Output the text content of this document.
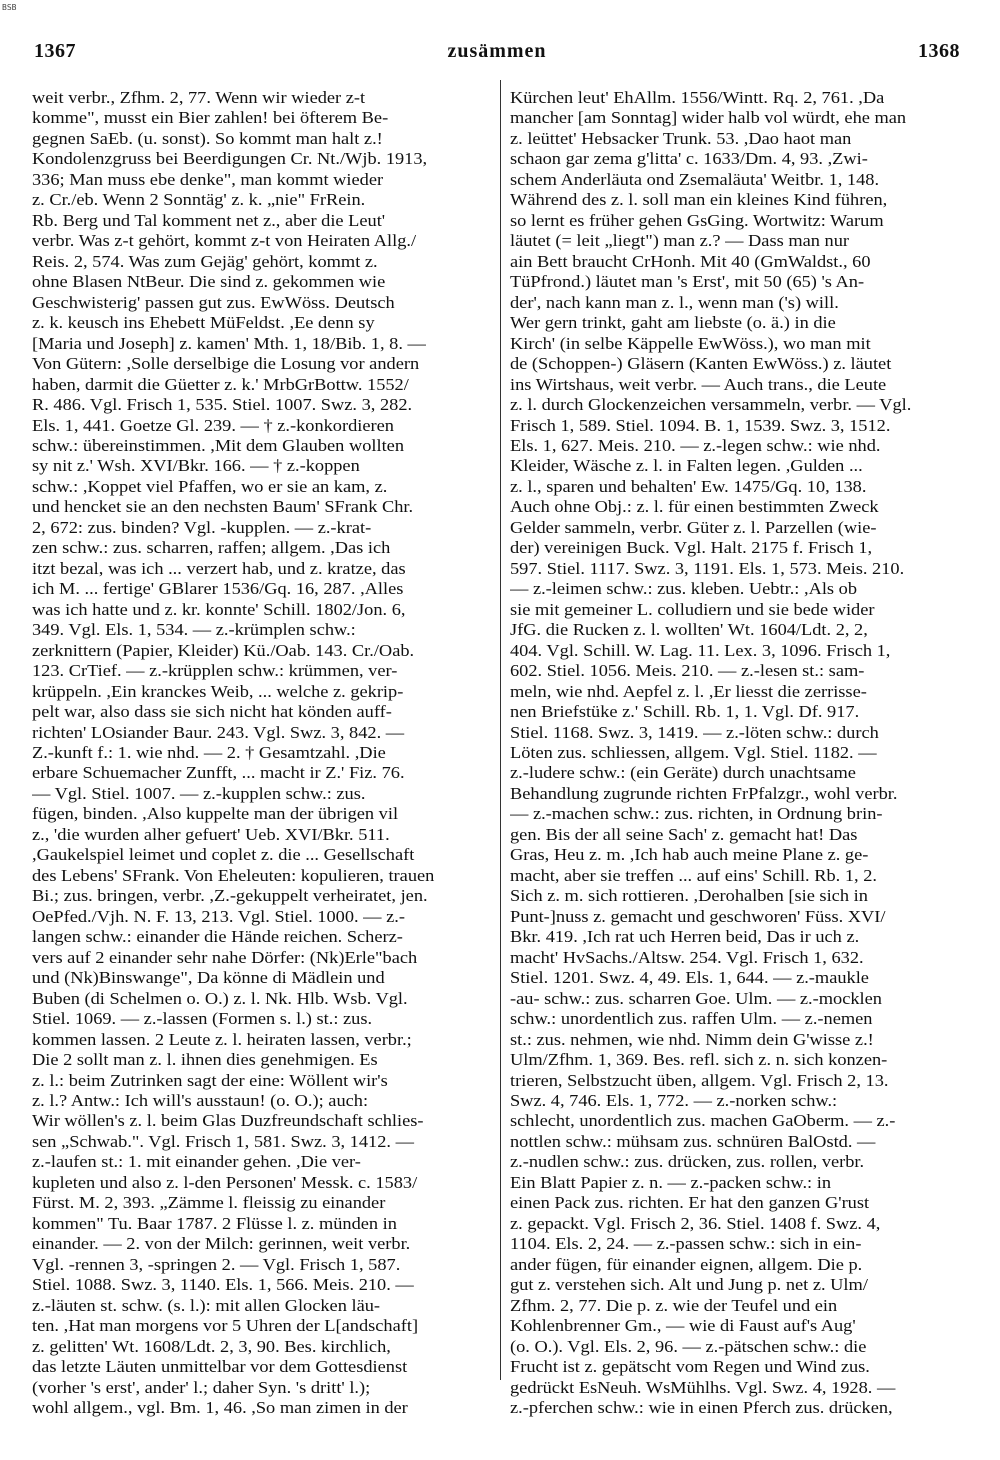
BSB
1367	zusämmen	1368
weit verbr., Zfhm. 2, 77. Wenn wir wieder z-t
komme", musst ein Bier zahlen! bei öfterem Be-
gegnen SaEb. (u. sonst). So kommt man halt z.!
Kondolenzgruss bei Beerdigungen Cr. Nt./Wjb. 1913,
336; Man muss ebe denke", man kommt wieder
z. Cr./eb. Wenn 2 Sonntäg' z. k. „nie" FrRein.
Rb. Berg und Tal komment net z., aber die Leut'
verbr. Was z-t gehört, kommt z-t von Heiraten Allg./
Reis. 2, 574. Was zum Gejäg' gehört, kommt z.
ohne Blasen NtBeur. Die sind z. gekommen wie
Geschwisterig' passen gut zus. EwWöss. Deutsch
z. k. keusch ins Ehebett MüFeldst. ,Ee denn sy
[Maria und Joseph] z. kamen' Mth. 1, 18/Bib. 1, 8. —
Von Gütern: ,Solle derselbige die Losung vor andern
haben, darmit die Güetter z. k.' MrbGrBottw. 1552/
R. 486. Vgl. Frisch 1, 535. Stiel. 1007. Swz. 3, 282.
Els. 1, 441. Goetze Gl. 239. — † z.-konkordieren
schw.: übereinstimmen. ,Mit dem Glauben wollten
sy nit z.' Wsh. XVI/Bkr. 166. — † z.-koppen
schw.: ,Koppet viel Pfaffen, wo er sie an kam, z.
und hencket sie an den nechsten Baum' SFrank Chr.
2, 672: zus. binden? Vgl. -kupplen. — z.-krat-
zen schw.: zus. scharren, raffen; allgem. ,Das ich
itzt bezal, was ich ... verzert hab, und z. kratze, das
ich M. ... fertige' GBlarer 1536/Gq. 16, 287. ,Alles
was ich hatte und z. kr. konnte' Schill. 1802/Jon. 6,
349. Vgl. Els. 1, 534. — z.-krümplen schw.:
zerknittern (Papier, Kleider) Kü./Oab. 143. Cr./Oab.
123. CrTief. — z.-krüpplen schw.: krümmen, ver-
krüppeln. ,Ein kranckes Weib, ... welche z. gekrip-
pelt war, also dass sie sich nicht hat könden auff-
richten' LOsiander Baur. 243. Vgl. Swz. 3, 842. —
Z.-kunft f.: 1. wie nhd. — 2. † Gesamtzahl. ,Die
erbare Schuemacher Zunfft, ... macht ir Z.' Fiz. 76.
— Vgl. Stiel. 1007. — z.-kupplen schw.: zus.
fügen, binden. ,Also kuppelte man der übrigen vil
z., 'die wurden alher gefuert' Ueb. XVI/Bkr. 511.
,Gaukelspiel leimet und coplet z. die ... Gesellschaft
des Lebens' SFrank. Von Eheleuten: kopulieren, trauen
Bi.; zus. bringen, verbr. ,Z.-gekuppelt verheiratet, jen.
OePfed./Vjh. N. F. 13, 213. Vgl. Stiel. 1000. — z.-
langen schw.: einander die Hände reichen. Scherz-
vers auf 2 einander sehr nahe Dörfer: (Nk)Erle"bach
und (Nk)Binswange", Da könne di Mädlein und
Buben (di Schelmen o. O.) z. l. Nk. Hlb. Wsb. Vgl.
Stiel. 1069. — z.-lassen (Formen s. l.) st.: zus.
kommen lassen. 2 Leute z. l. heiraten lassen, verbr.;
Die 2 sollt man z. l. ihnen dies genehmigen. Es
z. l.: beim Zutrinken sagt der eine: Wöllent wir's
z. l.? Antw.: Ich will's ausstaun! (o. O.); auch:
Wir wöllen's z. l. beim Glas Duzfreundschaft schlies-
sen „Schwab.". Vgl. Frisch 1, 581. Swz. 3, 1412. —
z.-laufen st.: 1. mit einander gehen. ,Die ver-
kupleten und also z. l-den Personen' Messk. c. 1583/
Fürst. M. 2, 393. „Zämme l. fleissig zu einander
kommen" Tu. Baar 1787. 2 Flüsse l. z. münden in
einander. — 2. von der Milch: gerinnen, weit verbr.
Vgl. -rennen 3, -springen 2. — Vgl. Frisch 1, 587.
Stiel. 1088. Swz. 3, 1140. Els. 1, 566. Meis. 210. —
z.-läuten st. schw. (s. l.): mit allen Glocken läu-
ten. ,Hat man morgens vor 5 Uhren der L[andschaft]
z. gelitten' Wt. 1608/Ldt. 2, 3, 90. Bes. kirchlich,
das letzte Läuten unmittelbar vor dem Gottesdienst
(vorher 's erst', ander' l.; daher Syn. 's dritt' l.);
wohl allgem., vgl. Bm. 1, 46. ,So man zimen in der
Kürchen leut' EhAllm. 1556/Wintt. Rq. 2, 761. ,Da
mancher [am Sonntag] wider halb vol würdt, ehe man
z. leüttet' Hebsacker Trunk. 53. ,Dao haot man
schaon gar zema g'litta' c. 1633/Dm. 4, 93. ,Zwi-
schem Anderläuta ond Zsemaläuta' Weitbr. 1, 148.
Während des z. l. soll man ein kleines Kind führen,
so lernt es früher gehen GsGing. Wortwitz: Warum
läutet (= leit „liegt") man z.? — Dass man nur
ain Bett braucht CrHonh. Mit 40 (GmWaldst., 60
TüPfrond.) läutet man 's Erst', mit 50 (65) 's An-
der', nach kann man z. l., wenn man ('s) will.
Wer gern trinkt, gaht am liebste (o. ä.) in die
Kirch' (in selbe Käppelle EwWöss.), wo man mit
de (Schoppen-) Gläsern (Kanten EwWöss.) z. läutet
ins Wirtshaus, weit verbr. — Auch trans., die Leute
z. l. durch Glockenzeichen versammeln, verbr. — Vgl.
Frisch 1, 589. Stiel. 1094. B. 1, 1539. Swz. 3, 1512.
Els. 1, 627. Meis. 210. — z.-legen schw.: wie nhd.
Kleider, Wäsche z. l. in Falten legen. ,Gulden ...
z. l., sparen und behalten' Ew. 1475/Gq. 10, 138.
Auch ohne Obj.: z. l. für einen bestimmten Zweck
Gelder sammeln, verbr. Güter z. l. Parzellen (wie-
der) vereinigen Buck. Vgl. Halt. 2175 f. Frisch 1,
597. Stiel. 1117. Swz. 3, 1191. Els. 1, 573. Meis. 210.
— z.-leimen schw.: zus. kleben. Uebtr.: ,Als ob
sie mit gemeiner L. colludiern und sie bede wider
JfG. die Rucken z. l. wollten' Wt. 1604/Ldt. 2, 2,
404. Vgl. Schill. W. Lag. 11. Lex. 3, 1096. Frisch 1,
602. Stiel. 1056. Meis. 210. — z.-lesen st.: sam-
meln, wie nhd. Aepfel z. l. ,Er liesst die zerrisse-
nen Briefstüke z.' Schill. Rb. 1, 1. Vgl. Df. 917.
Stiel. 1168. Swz. 3, 1419. — z.-löten schw.: durch
Löten zus. schliessen, allgem. Vgl. Stiel. 1182. —
z.-ludere schw.: (ein Geräte) durch unachtsame
Behandlung zugrunde richten FrPfalzgr., wohl verbr.
— z.-machen schw.: zus. richten, in Ordnung brin-
gen. Bis der all seine Sach' z. gemacht hat! Das
Gras, Heu z. m. ,Ich hab auch meine Plane z. ge-
macht, aber sie treffen ... auf eins' Schill. Rb. 1, 2.
Sich z. m. sich rottieren. ,Derohalben [sie sich in
Punt-]nuss z. gemacht und geschworen' Füss. XVI/
Bkr. 419. ,Ich rat uch Herren beid, Das ir uch z.
macht' HvSachs./Altsw. 254. Vgl. Frisch 1, 632.
Stiel. 1201. Swz. 4, 49. Els. 1, 644. — z.-maukle
-au- schw.: zus. scharren Goe. Ulm. — z.-mocklen
schw.: unordentlich zus. raffen Ulm. — z.-nemen
st.: zus. nehmen, wie nhd. Nimm dein G'wisse z.!
Ulm/Zfhm. 1, 369. Bes. refl. sich z. n. sich konzen-
trieren, Selbstzucht üben, allgem. Vgl. Frisch 2, 13.
Swz. 4, 746. Els. 1, 772. — z.-norken schw.:
schlecht, unordentlich zus. machen GaOberm. — z.-
nottlen schw.: mühsam zus. schnüren BalOstd. —
z.-nudlen schw.: zus. drücken, zus. rollen, verbr.
Ein Blatt Papier z. n. — z.-packen schw.: in
einen Pack zus. richten. Er hat den ganzen G'rust
z. gepackt. Vgl. Frisch 2, 36. Stiel. 1408 f. Swz. 4,
1104. Els. 2, 24. — z.-passen schw.: sich in ein-
ander fügen, für einander eignen, allgem. Die p.
gut z. verstehen sich. Alt und Jung p. net z. Ulm/
Zfhm. 2, 77. Die p. z. wie der Teufel und ein
Kohlenbrenner Gm., — wie di Faust auf's Aug'
(o. O.). Vgl. Els. 2, 96. — z.-pätschen schw.: die
Frucht ist z. gepätscht vom Regen und Wind zus.
gedrückt EsNeuh. WsMühlhs. Vgl. Swz. 4, 1928. —
z.-pferchen schw.: wie in einen Pferch zus. drücken,
